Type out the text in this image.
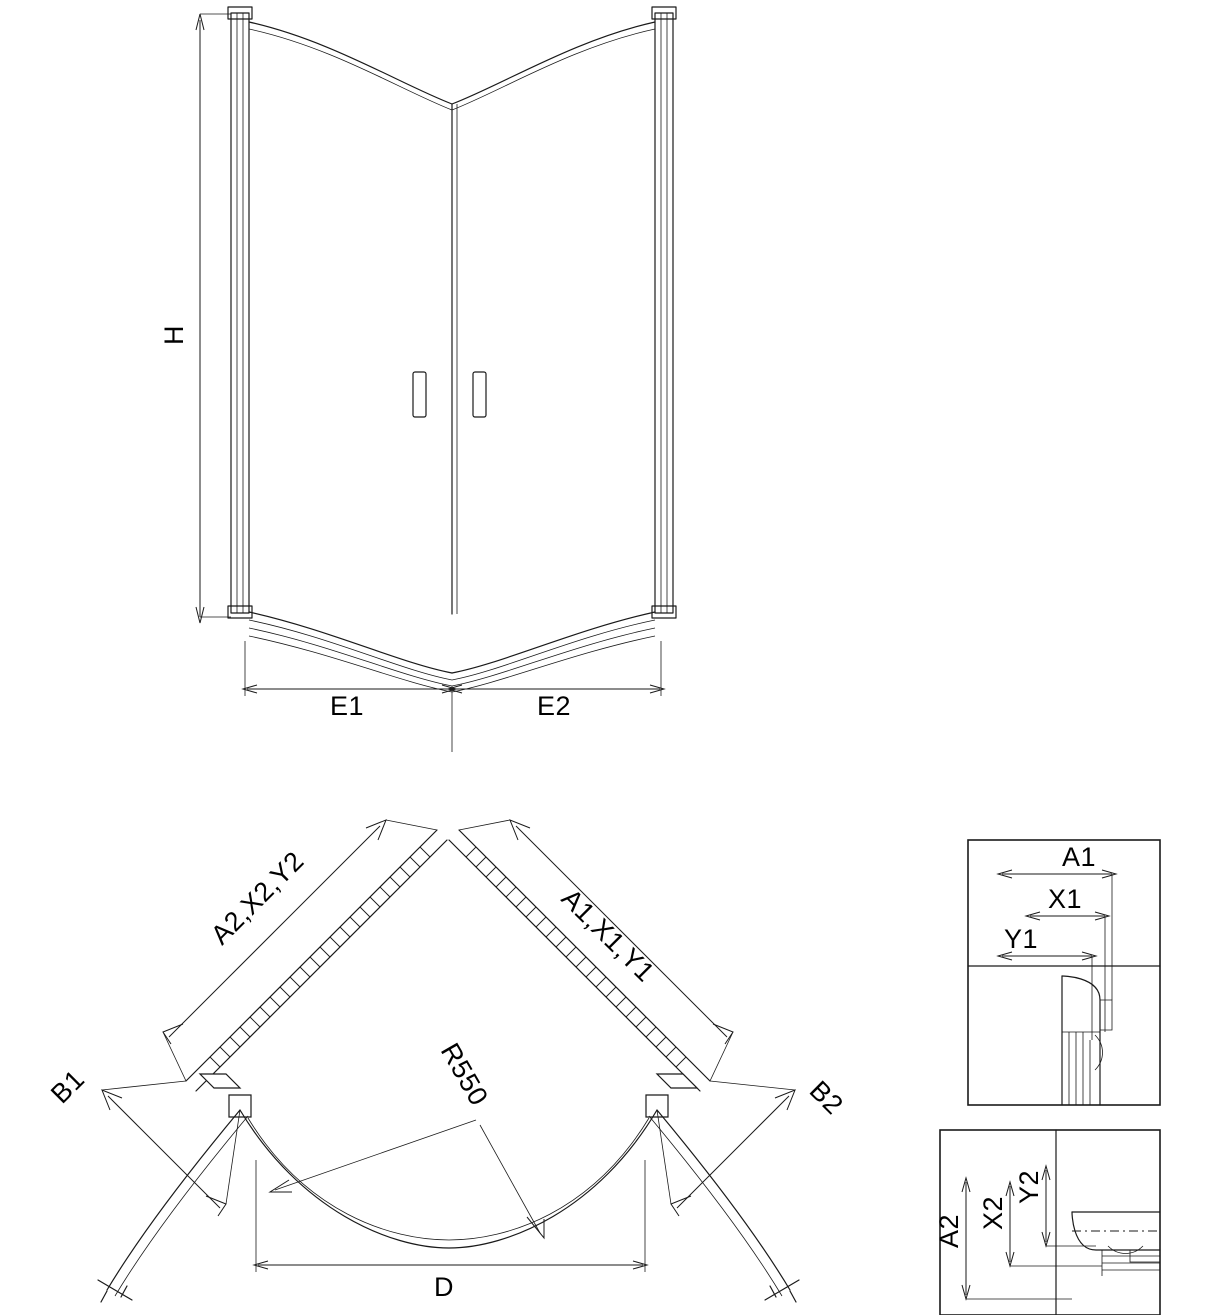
H
E1	E2
A2,X2,Y2	A1,X1,Y1
B1	B2
R550
D
A1
X1
Y1
A2
X2
Y2
